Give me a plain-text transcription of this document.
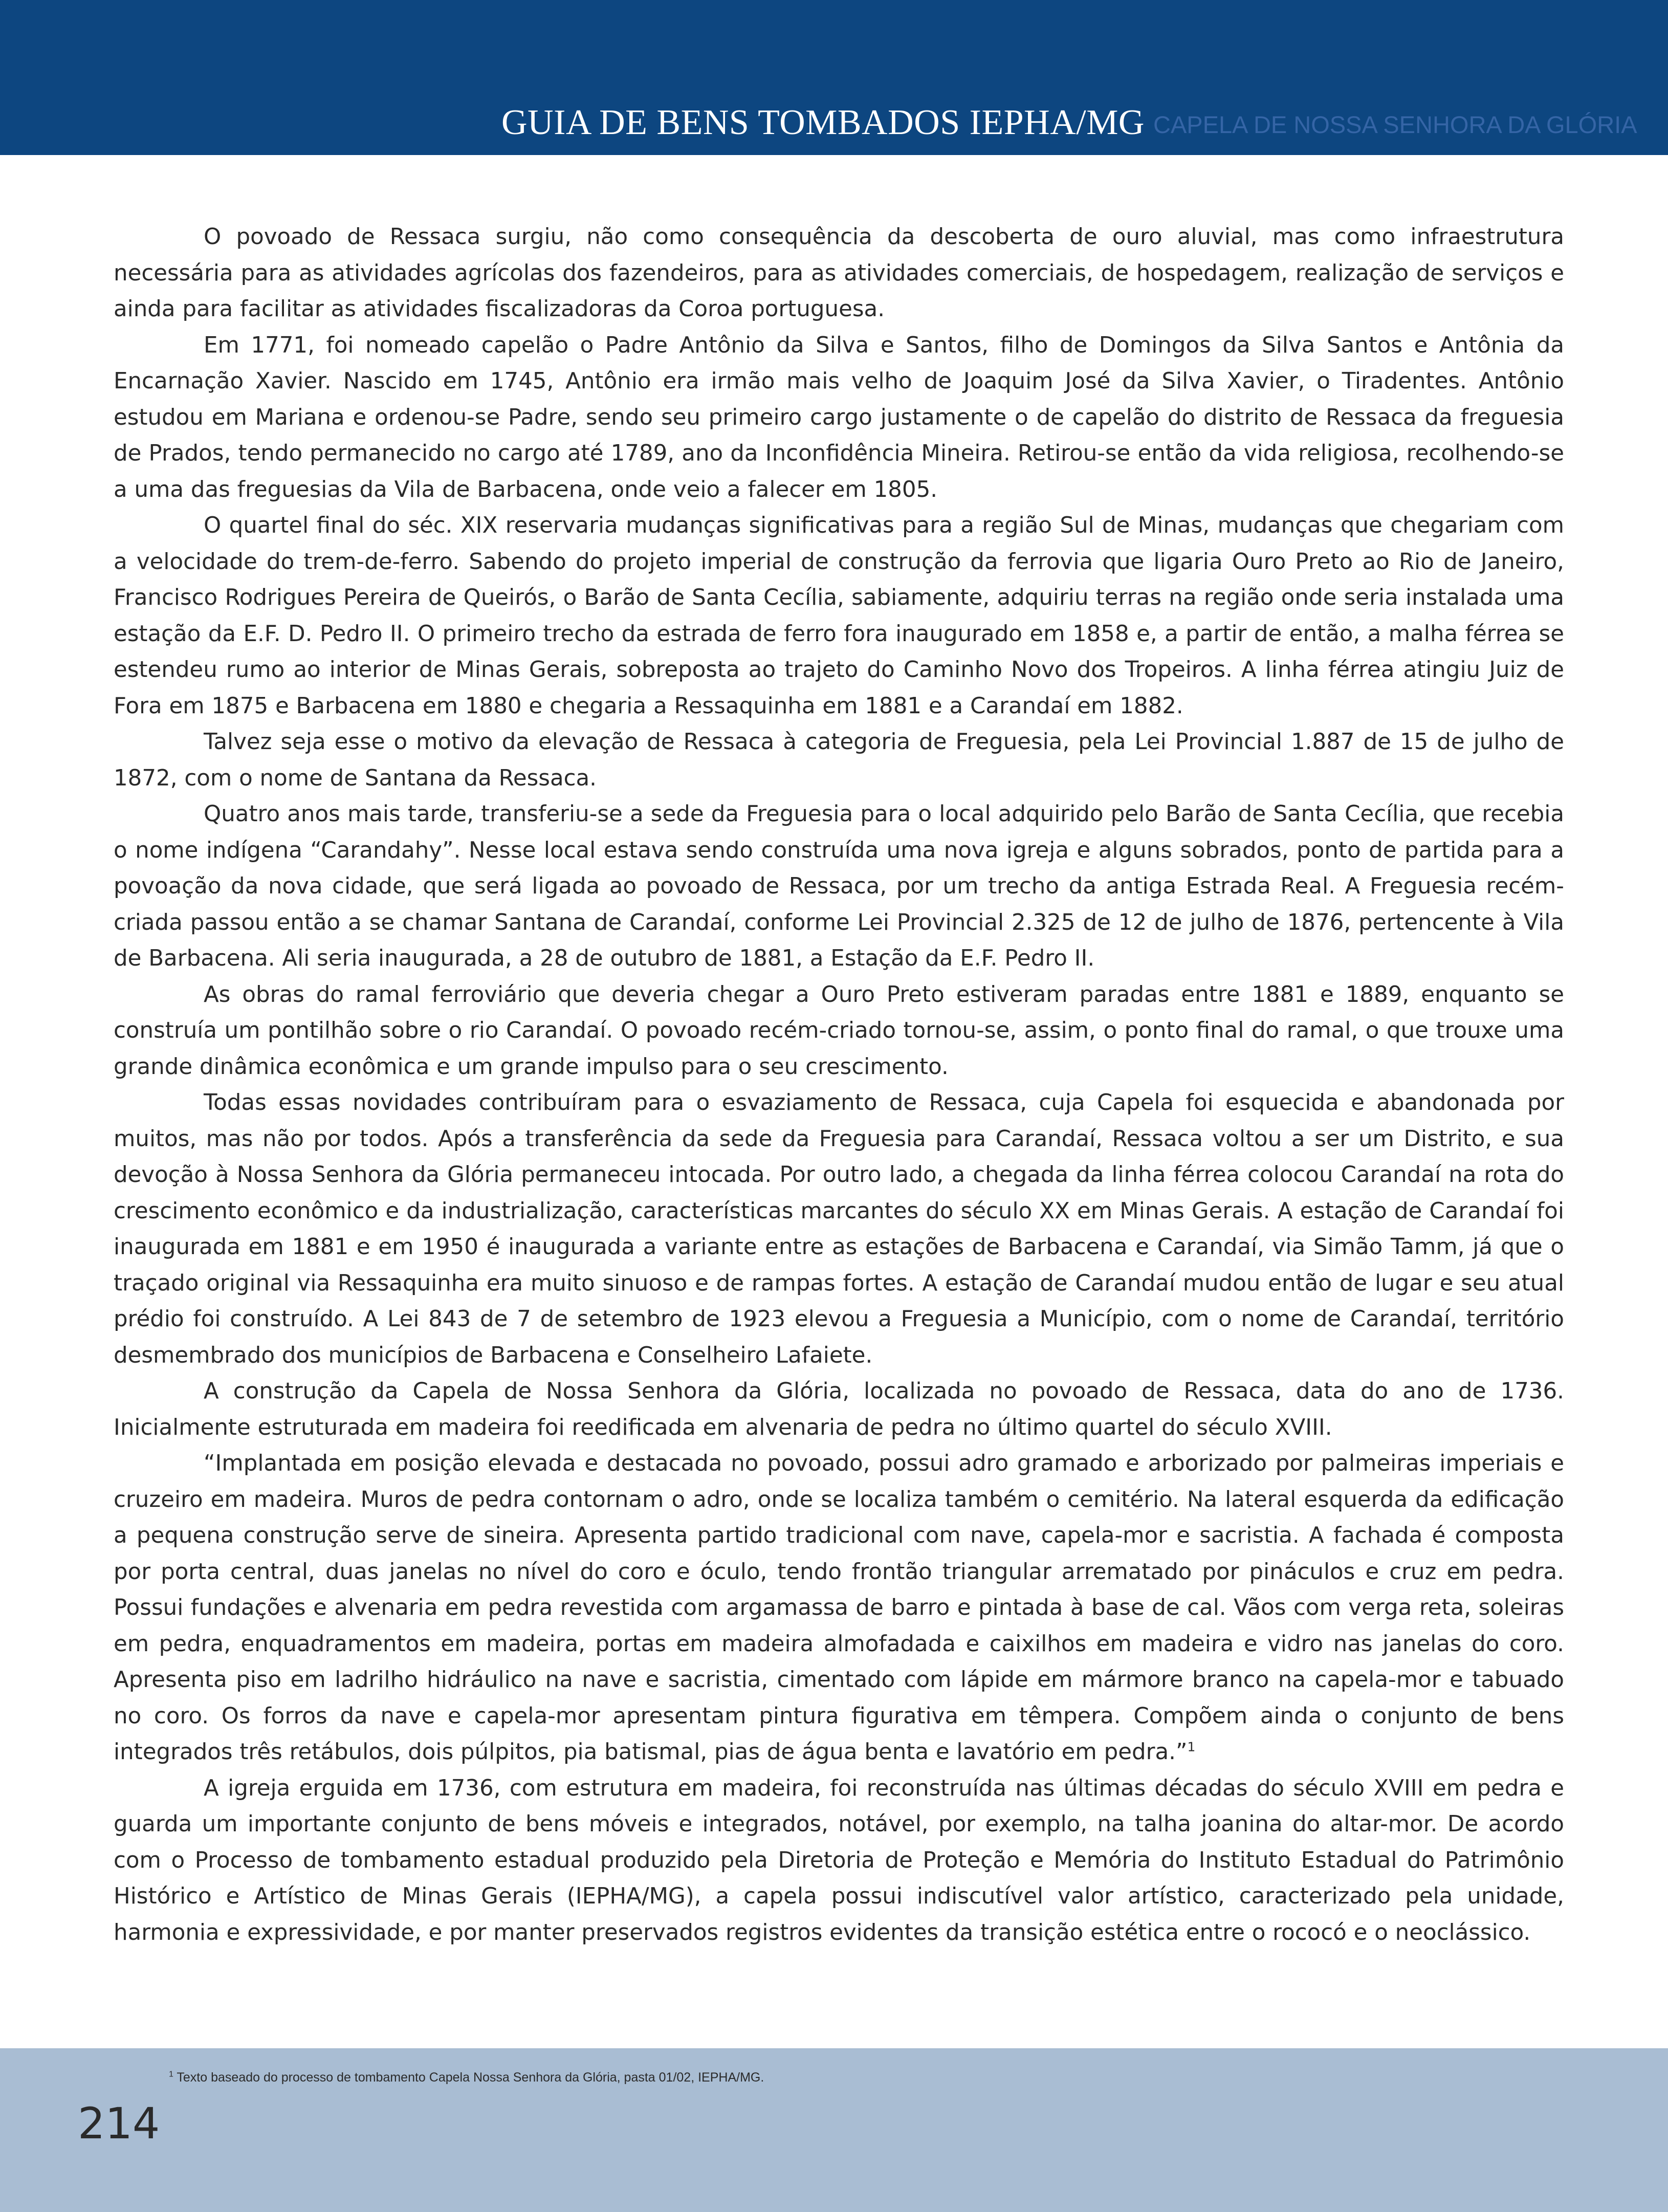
GUIA DE BENS TOMBADOS IEPHA/MG CAPELA DE NOSSA SENHORA DA GLÓRIA

O povoado de Ressaca surgiu, não como consequência da descoberta de ouro aluvial, mas como infraestrutura necessária para as atividades agrícolas dos fazendeiros, para as atividades comerciais, de hospedagem, realização de serviços e ainda para facilitar as atividades fiscalizadoras da Coroa portuguesa.

Em 1771, foi nomeado capelão o Padre Antônio da Silva e Santos, filho de Domingos da Silva Santos e Antônia da Encarnação Xavier. Nascido em 1745, Antônio era irmão mais velho de Joaquim José da Silva Xavier, o Tiradentes. Antônio estudou em Mariana e ordenou-se Padre, sendo seu primeiro cargo justamente o de capelão do distrito de Ressaca da freguesia de Prados, tendo permanecido no cargo até 1789, ano da Inconfidência Mineira. Retirou-se então da vida religiosa, recolhendo-se a uma das freguesias da Vila de Barbacena, onde veio a falecer em 1805.

O quartel final do séc. XIX reservaria mudanças significativas para a região Sul de Minas, mudanças que chegariam com a velocidade do trem-de-ferro. Sabendo do projeto imperial de construção da ferrovia que ligaria Ouro Preto ao Rio de Janeiro, Francisco Rodrigues Pereira de Queirós, o Barão de Santa Cecília, sabiamente, adquiriu terras na região onde seria instalada uma estação da E.F. D. Pedro II. O primeiro trecho da estrada de ferro fora inaugurado em 1858 e, a partir de então, a malha férrea se estendeu rumo ao interior de Minas Gerais, sobreposta ao trajeto do Caminho Novo dos Tropeiros. A linha férrea atingiu Juiz de Fora em 1875 e Barbacena em 1880 e chegaria a Ressaquinha em 1881 e a Carandaí em 1882.

Talvez seja esse o motivo da elevação de Ressaca à categoria de Freguesia, pela Lei Provincial 1.887 de 15 de julho de 1872, com o nome de Santana da Ressaca.

Quatro anos mais tarde, transferiu-se a sede da Freguesia para o local adquirido pelo Barão de Santa Cecília, que recebia o nome indígena “Carandahy”. Nesse local estava sendo construída uma nova igreja e alguns sobrados, ponto de partida para a povoação da nova cidade, que será ligada ao povoado de Ressaca, por um trecho da antiga Estrada Real. A Freguesia recém-criada passou então a se chamar Santana de Carandaí, conforme Lei Provincial 2.325 de 12 de julho de 1876, pertencente à Vila de Barbacena. Ali seria inaugurada, a 28 de outubro de 1881, a Estação da E.F. Pedro II.

As obras do ramal ferroviário que deveria chegar a Ouro Preto estiveram paradas entre 1881 e 1889, enquanto se construía um pontilhão sobre o rio Carandaí. O povoado recém-criado tornou-se, assim, o ponto final do ramal, o que trouxe uma grande dinâmica econômica e um grande impulso para o seu crescimento.

Todas essas novidades contribuíram para o esvaziamento de Ressaca, cuja Capela foi esquecida e abandonada por muitos, mas não por todos. Após a transferência da sede da Freguesia para Carandaí, Ressaca voltou a ser um Distrito, e sua devoção à Nossa Senhora da Glória permaneceu intocada. Por outro lado, a chegada da linha férrea colocou Carandaí na rota do crescimento econômico e da industrialização, características marcantes do século XX em Minas Gerais. A estação de Carandaí foi inaugurada em 1881 e em 1950 é inaugurada a variante entre as estações de Barbacena e Carandaí, via Simão Tamm, já que o traçado original via Ressaquinha era muito sinuoso e de rampas fortes. A estação de Carandaí mudou então de lugar e seu atual prédio foi construído. A Lei 843 de 7 de setembro de 1923 elevou a Freguesia a Município, com o nome de Carandaí, território desmembrado dos municípios de Barbacena e Conselheiro Lafaiete.

A construção da Capela de Nossa Senhora da Glória, localizada no povoado de Ressaca, data do ano de 1736. Inicialmente estruturada em madeira foi reedificada em alvenaria de pedra no último quartel do século XVIII.

“Implantada em posição elevada e destacada no povoado, possui adro gramado e arborizado por palmeiras imperiais e cruzeiro em madeira. Muros de pedra contornam o adro, onde se localiza também o cemitério. Na lateral esquerda da edificação a pequena construção serve de sineira. Apresenta partido tradicional com nave, capela-mor e sacristia. A fachada é composta por porta central, duas janelas no nível do coro e óculo, tendo frontão triangular arrematado por pináculos e cruz em pedra. Possui fundações e alvenaria em pedra revestida com argamassa de barro e pintada à base de cal. Vãos com verga reta, soleiras em pedra, enquadramentos em madeira, portas em madeira almofadada e caixilhos em madeira e vidro nas janelas do coro. Apresenta piso em ladrilho hidráulico na nave e sacristia, cimentado com lápide em mármore branco na capela-mor e tabuado no coro. Os forros da nave e capela-mor apresentam pintura figurativa em têmpera. Compõem ainda o conjunto de bens integrados três retábulos, dois púlpitos, pia batismal, pias de água benta e lavatório em pedra.”$^1$

A igreja erguida em 1736, com estrutura em madeira, foi reconstruída nas últimas décadas do século XVIII em pedra e guarda um importante conjunto de bens móveis e integrados, notável, por exemplo, na talha joanina do altar-mor. De acordo com o Processo de tombamento estadual produzido pela Diretoria de Proteção e Memória do Instituto Estadual do Patrimônio Histórico e Artístico de Minas Gerais (IEPHA/MG), a capela possui indiscutível valor artístico, caracterizado pela unidade, harmonia e expressividade, e por manter preservados registros evidentes da transição estética entre o rococó e o neoclássico.

$^1$ Texto baseado do processo de tombamento Capela Nossa Senhora da Glória, pasta 01/02, IEPHA/MG.
214
